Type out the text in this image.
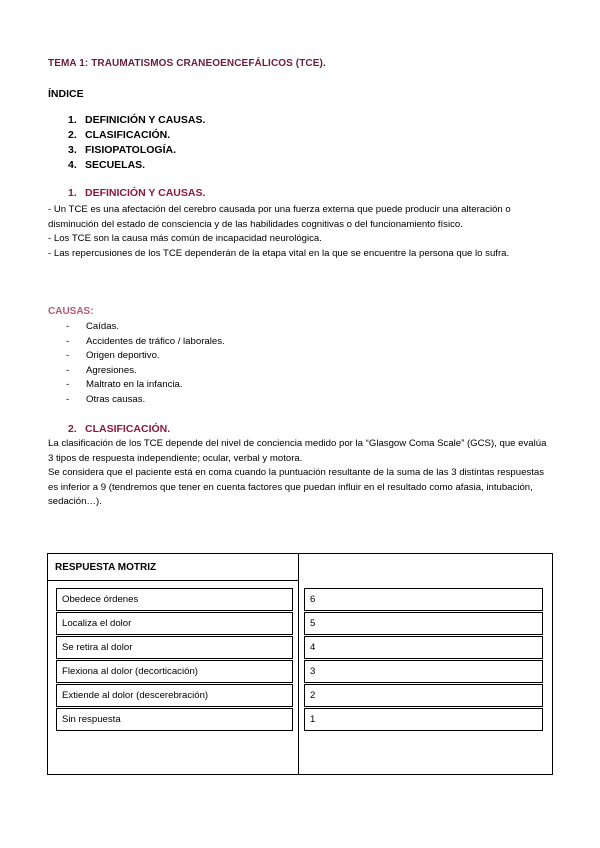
TEMA 1: TRAUMATISMOS CRANEOENCEFÁLICOS (TCE).
ÍNDICE
1. DEFINICIÓN Y CAUSAS.
2. CLASIFICACIÓN.
3. FISIOPATOLOGÍA.
4. SECUELAS.
1. DEFINICIÓN Y CAUSAS.

- Un TCE es una afectación del cerebro causada por una fuerza externa que puede producir una alteración o disminución del estado de consciencia y de las habilidades cognitivas o del funcionamiento físico.

- Los TCE son la causa más común de incapacidad neurológica.

- Las repercusiones de los TCE dependerán de la etapa vital en la que se encuentre la persona que lo sufra.

CAUSAS:
- Caídas.
- Accidentes de tráfico / laborales.
- Origen deportivo.
- Agresiones.
- Maltrato en la infancia.
- Otras causas.
2. CLASIFICACIÓN.

La clasificación de los TCE depende del nivel de conciencia medido por la “Glasgow Coma Scale” (GCS), que evalúa 3 tipos de respuesta independiente; ocular, verbal y motora.

Se considera que el paciente está en coma cuando la puntuación resultante de la suma de las 3 distintas respuestas es inferior a 9 (tendremos que tener en cuenta factores que puedan influir en el resultado como afasia, intubación, sedación…).

RESPUESTA MOTRIZ
Obedece órdenes	6
Localiza el dolor	5
Se retira al dolor	4
Flexiona al dolor (decorticación)	3
Extiende al dolor (descerebración)	2
Sin respuesta	1
